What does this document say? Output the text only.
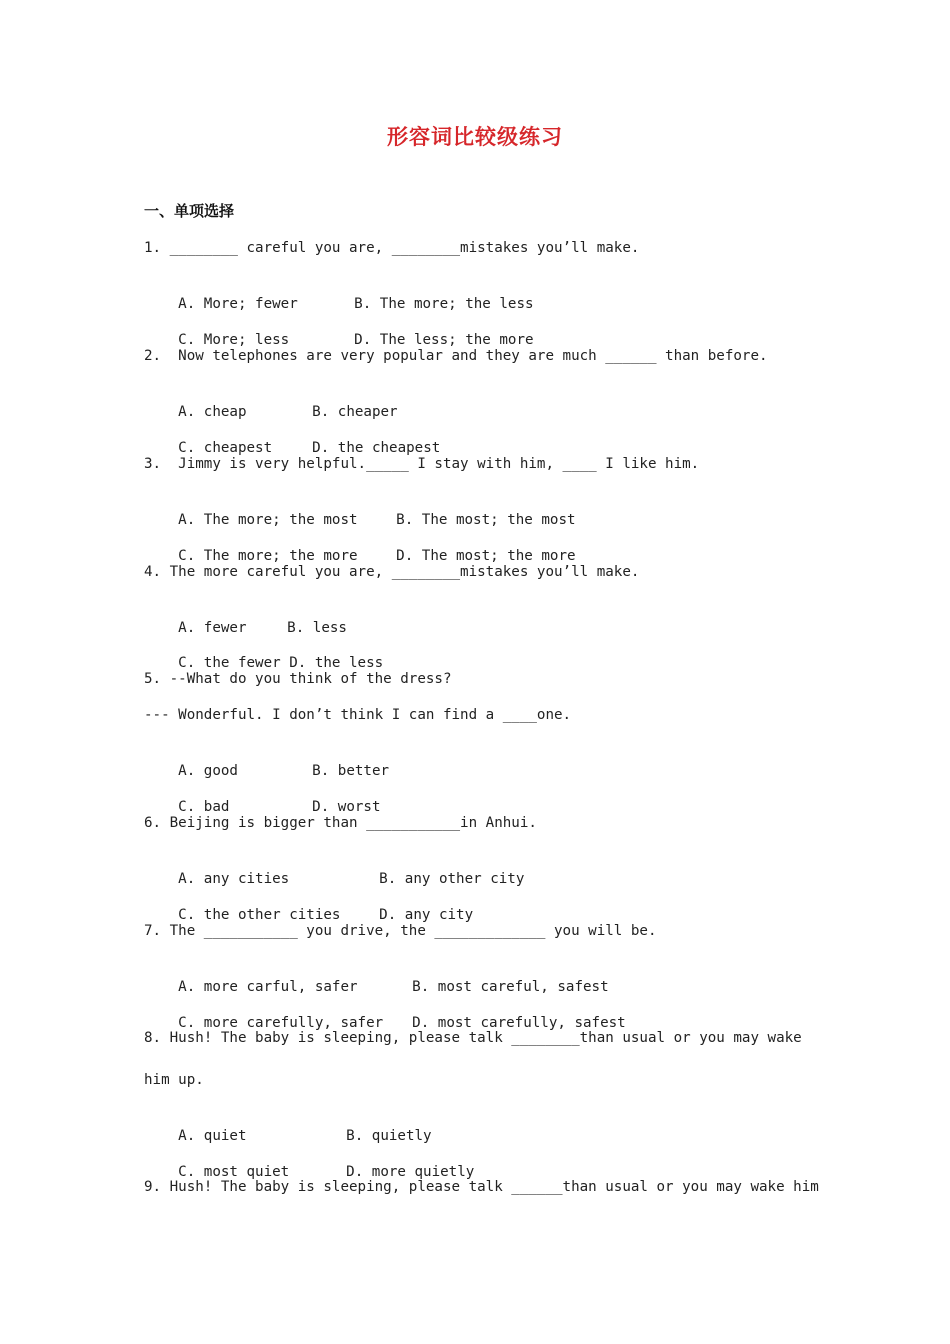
形容词比较级练习
一、单项选择
1. ________ careful you are, ________mistakes you’ll make.

A. More; fewer	B. The more; the less

C. More; less	D. The less; the more

2.  Now telephones are very popular and they are much ______ than before.

A. cheap	B. cheaper

C. cheapest	D. the cheapest

3.  Jimmy is very helpful._____ I stay with him, ____ I like him.

A. The more; the most	B. The most; the most

C. The more; the more	D. The most; the more

4. The more careful you are, ________mistakes you’ll make.

A. fewer	B. less

C. the fewer D. the less

5. --What do you think of the dress?
--- Wonderful. I don’t think I can find a ____one.

A. good	B. better

C. bad	D. worst

6. Beijing is bigger than ___________in Anhui.

A. any cities	B. any other city

C. the other cities	D. any city

7. The ___________ you drive, the _____________ you will be.

A. more carful, safer	B. most careful, safest

C. more carefully, safer D. most carefully, safest

8. Hush! The baby is sleeping, please talk ________than usual or you may wake
him up.

A. quiet	B. quietly

C. most quiet	D. more quietly

9. Hush! The baby is sleeping, please talk ______than usual or you may wake him
